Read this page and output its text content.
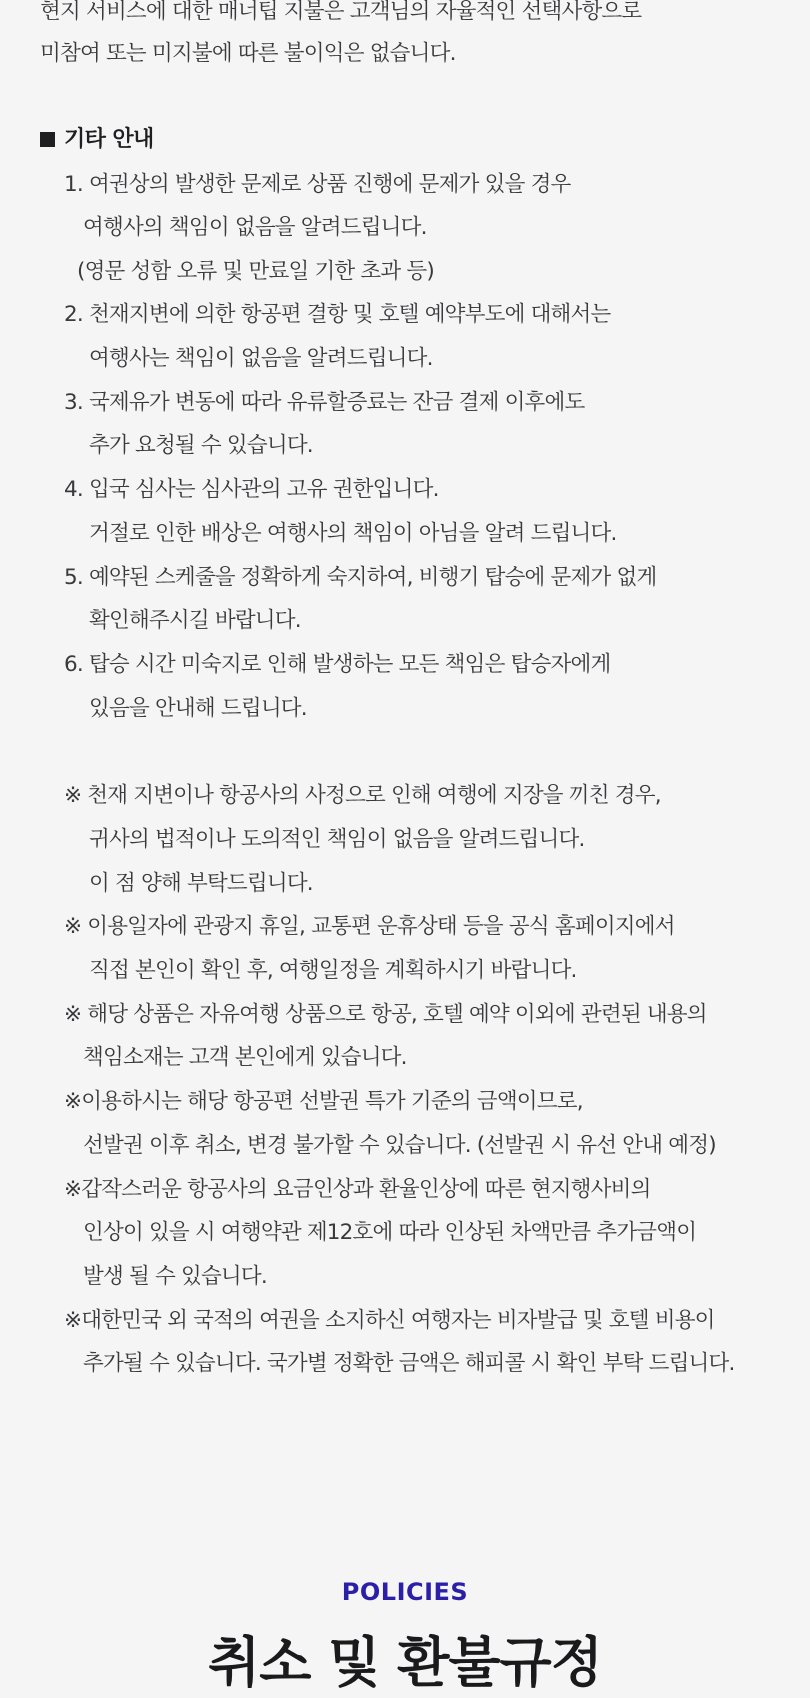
현지 서비스에 대한 매너팁 지불은 고객님의 자율적인 선택사항으로
미참여 또는 미지불에 따른 불이익은 없습니다.
기타 안내
1. 여권상의 발생한 문제로 상품 진행에 문제가 있을 경우
여행사의 책임이 없음을 알려드립니다.
(영문 성함 오류 및 만료일 기한 초과 등)
2. 천재지변에 의한 항공편 결항 및 호텔 예약부도에 대해서는
여행사는 책임이 없음을 알려드립니다.
3. 국제유가 변동에 따라 유류할증료는 잔금 결제 이후에도
추가 요청될 수 있습니다.
4. 입국 심사는 심사관의 고유 권한입니다.
거절로 인한 배상은 여행사의 책임이 아님을 알려 드립니다.
5. 예약된 스케줄을 정확하게 숙지하여, 비행기 탑승에 문제가 없게
확인해주시길 바랍니다.
6. 탑승 시간 미숙지로 인해 발생하는 모든 책임은 탑승자에게
있음을 안내해 드립니다.
※ 천재 지변이나 항공사의 사정으로 인해 여행에 지장을 끼친 경우,
귀사의 법적이나 도의적인 책임이 없음을 알려드립니다.
이 점 양해 부탁드립니다.
※ 이용일자에 관광지 휴일, 교통편 운휴상태 등을 공식 홈페이지에서
직접 본인이 확인 후, 여행일정을 계획하시기 바랍니다.
※ 해당 상품은 자유여행 상품으로 항공, 호텔 예약 이외에 관련된 내용의
책임소재는 고객 본인에게 있습니다.
※이용하시는 해당 항공편 선발권 특가 기준의 금액이므로,
선발권 이후 취소, 변경 불가할 수 있습니다. (선발권 시 유선 안내 예정)
※갑작스러운 항공사의 요금인상과 환율인상에 따른 현지행사비의
인상이 있을 시 여행약관 제12호에 따라 인상된 차액만큼 추가금액이
발생 될 수 있습니다.
※대한민국 외 국적의 여권을 소지하신 여행자는 비자발급 및 호텔 비용이
추가될 수 있습니다. 국가별 정확한 금액은 해피콜 시 확인 부탁 드립니다.
POLICIES
취소 및 환불규정
